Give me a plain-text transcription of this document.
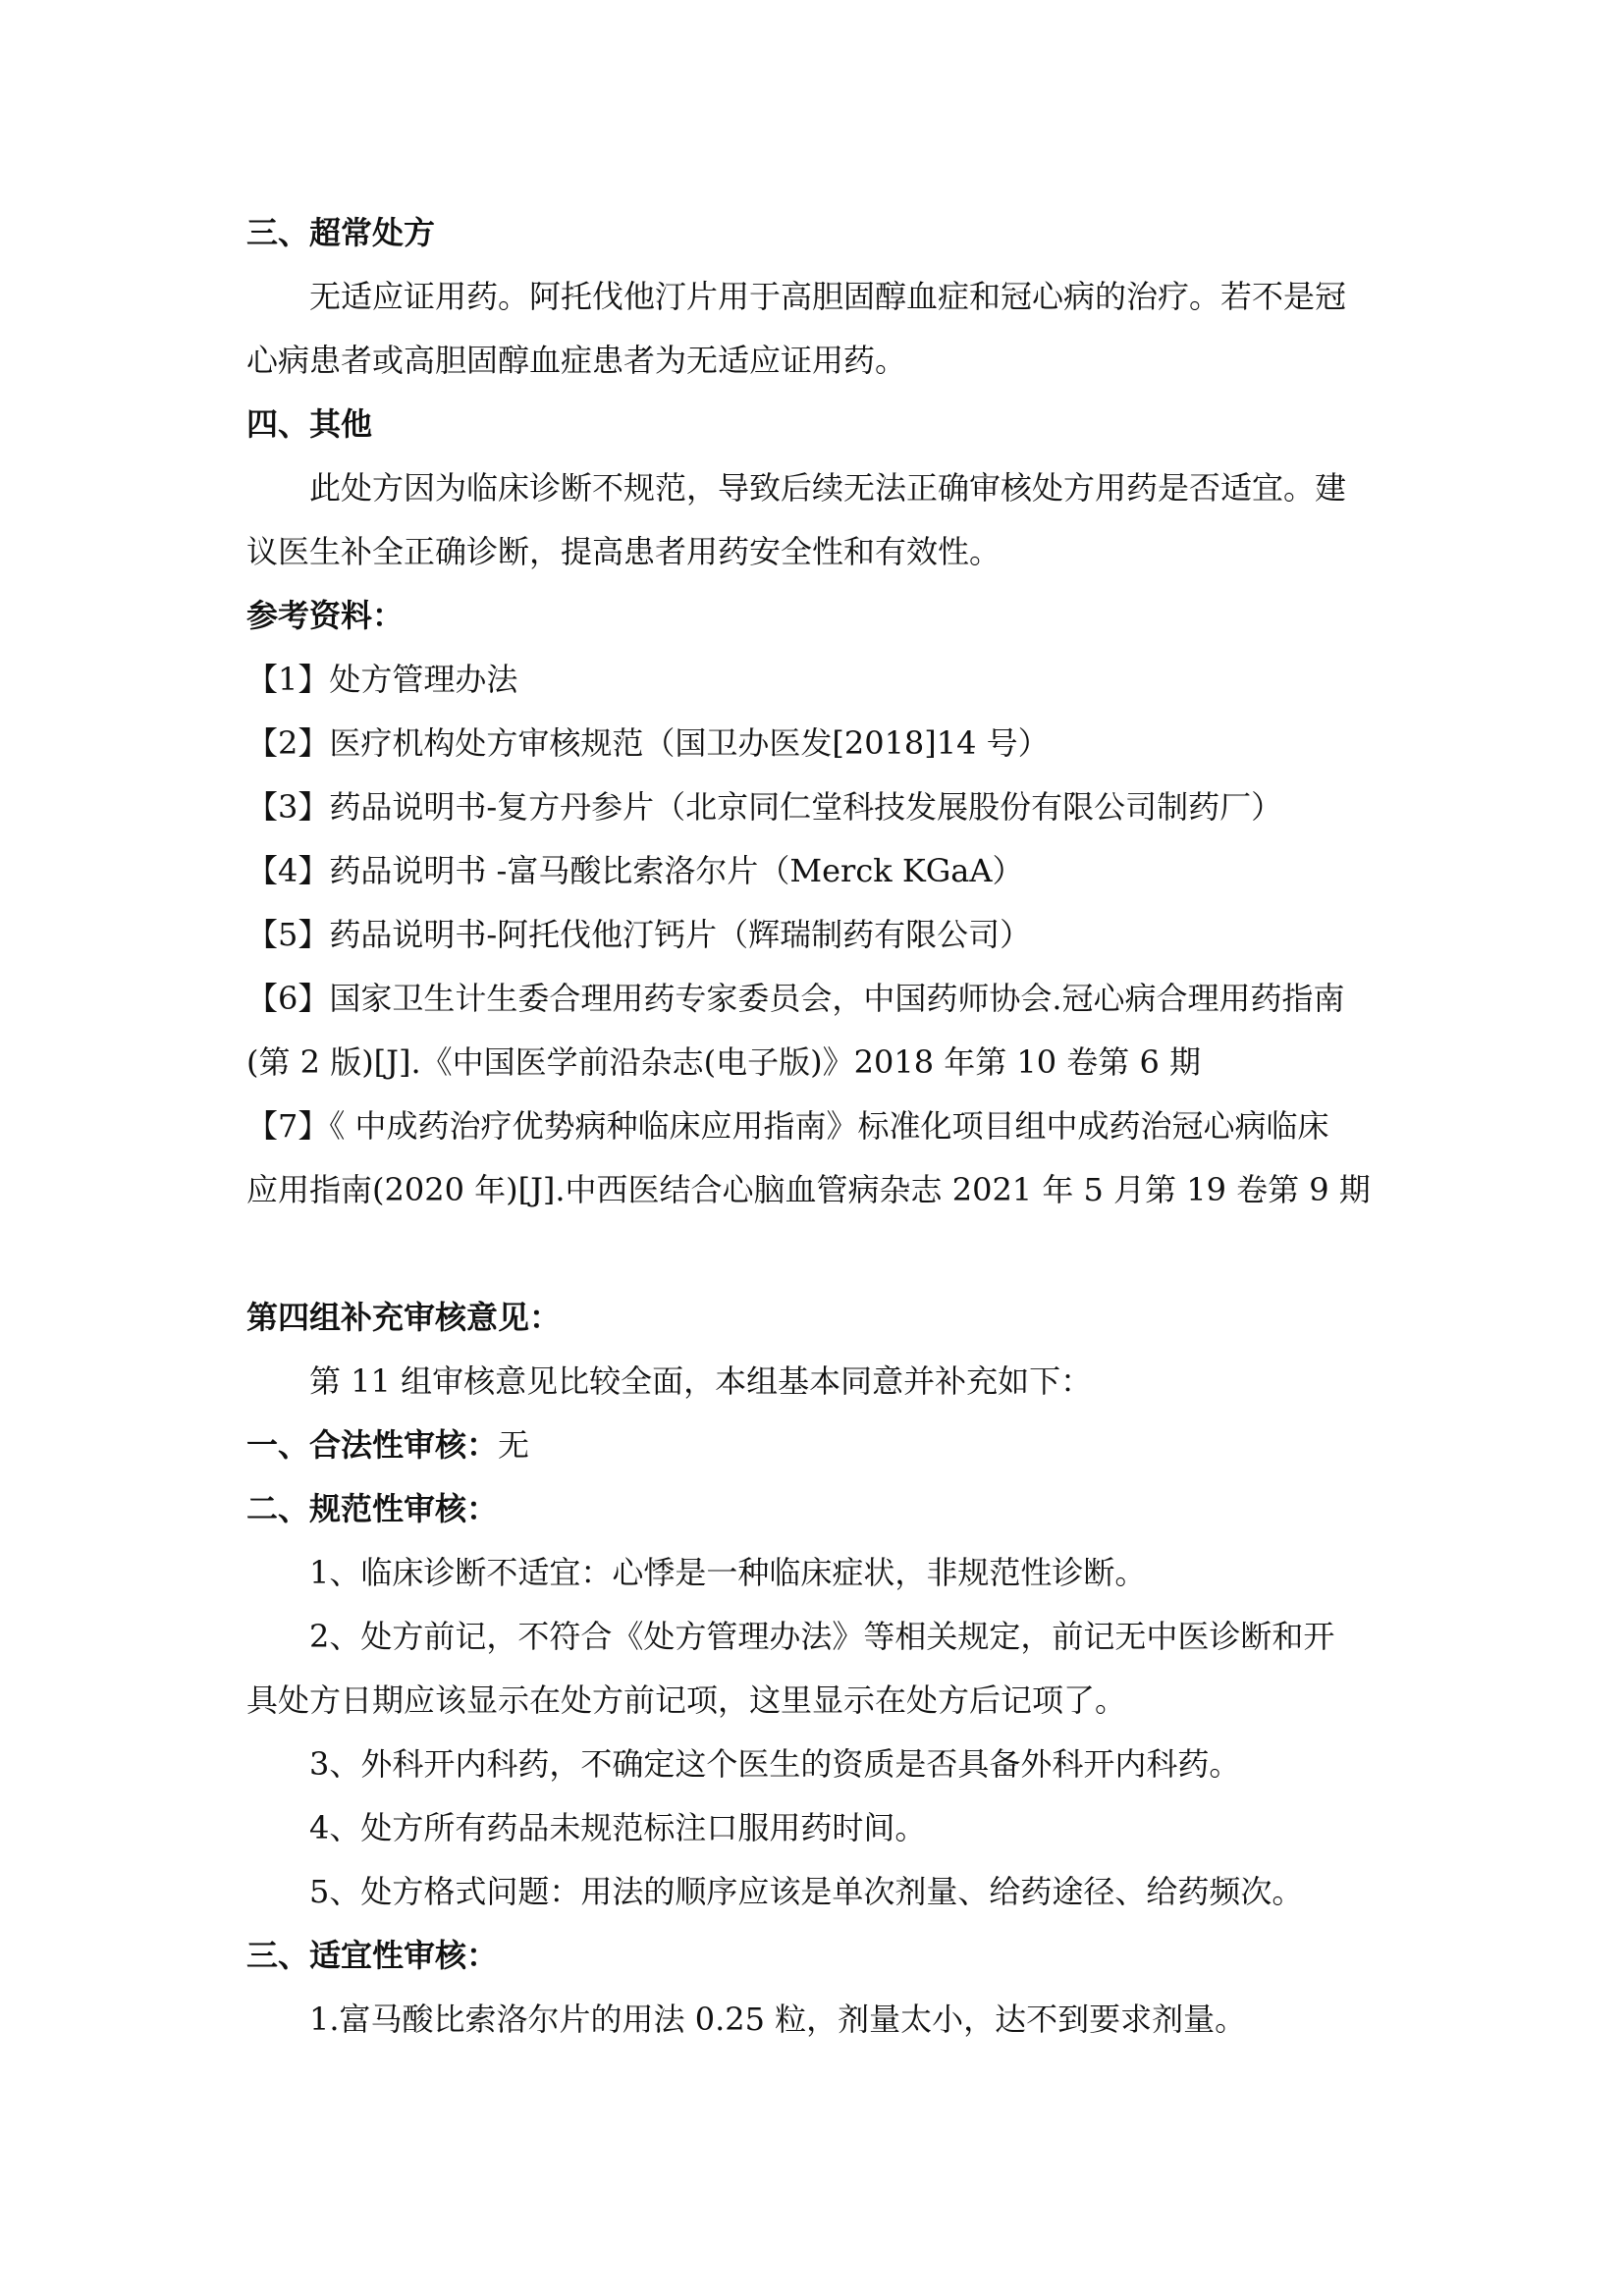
三、超常处方

无适应证用药。阿托伐他汀片用于高胆固醇血症和冠心病的治疗。若不是冠

心病患者或高胆固醇血症患者为无适应证用药。

四、其他

此处方因为临床诊断不规范，导致后续无法正确审核处方用药是否适宜。建

议医生补全正确诊断，提高患者用药安全性和有效性。

参考资料：

【1】处方管理办法

【2】医疗机构处方审核规范（国卫办医发[2018]14 号）

【3】药品说明书-复方丹参片（北京同仁堂科技发展股份有限公司制药厂）

【4】药品说明书 -富马酸比索洛尔片（Merck KGaA）

【5】药品说明书-阿托伐他汀钙片（辉瑞制药有限公司）

【6】国家卫生计生委合理用药专家委员会，中国药师协会.冠心病合理用药指南

(第 2 版)[J].《中国医学前沿杂志(电子版)》2018 年第 10 卷第 6 期

【7】《 中成药治疗优势病种临床应用指南》标准化项目组中成药治冠心病临床

应用指南(2020 年)[J].中西医结合心脑血管病杂志 2021 年 5 月第 19 卷第 9 期

第四组补充审核意见：

第 11 组审核意见比较全面，本组基本同意并补充如下：

一、合法性审核：无

二、规范性审核：

1、临床诊断不适宜：心悸是一种临床症状，非规范性诊断。

2、处方前记，不符合《处方管理办法》等相关规定，前记无中医诊断和开

具处方日期应该显示在处方前记项，这里显示在处方后记项了。

3、外科开内科药，不确定这个医生的资质是否具备外科开内科药。

4、处方所有药品未规范标注口服用药时间。

5、处方格式问题：用法的顺序应该是单次剂量、给药途径、给药频次。

三、适宜性审核：

1.富马酸比索洛尔片的用法 0.25 粒，剂量太小，达不到要求剂量。
